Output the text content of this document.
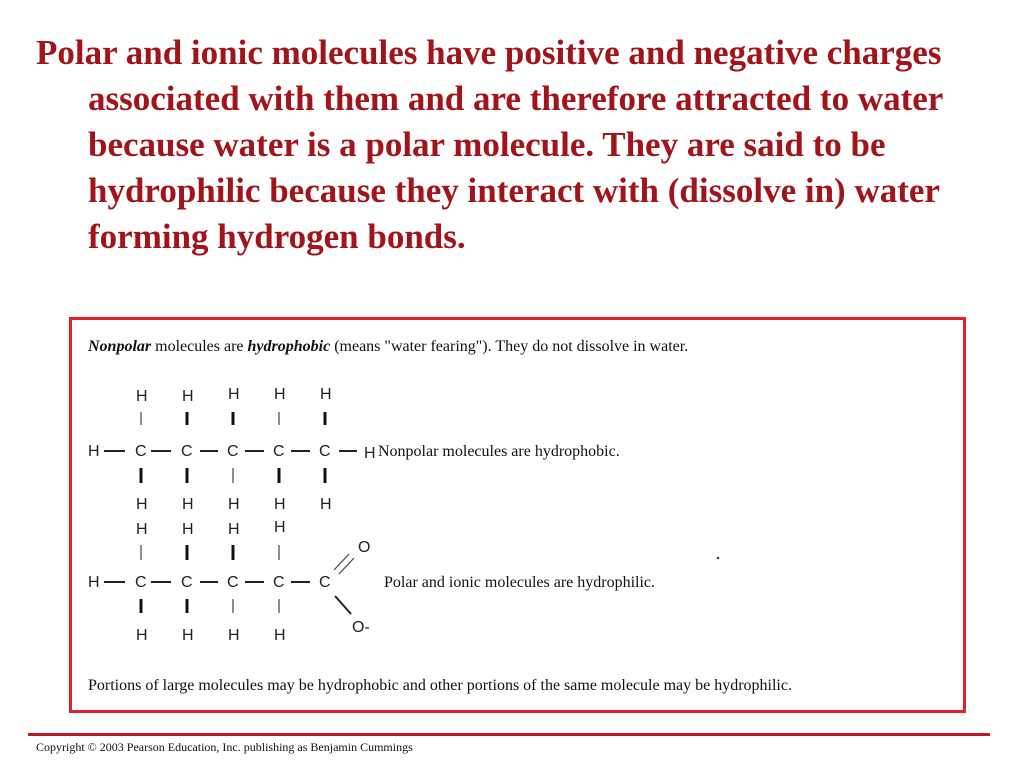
Polar and ionic molecules have positive and negative charges associated with them and are therefore attracted to water because water is a polar molecule. They are said to be hydrophilic because they interact with (dissolve in) water forming hydrogen bonds.

Nonpolar molecules are hydrophobic (means "water fearing"). They do not dissolve in water.
H H H H H
H C C C C C H Nonpolar molecules are hydrophobic.
H H H H H
H H H H
H C C C C C
O
O-
Polar and ionic molecules are hydrophilic.
H H H H
Portions of large molecules may be hydrophobic and other portions of the same molecule may be hydrophilic.
Copyright © 2003 Pearson Education, Inc. publishing as Benjamin Cummings
